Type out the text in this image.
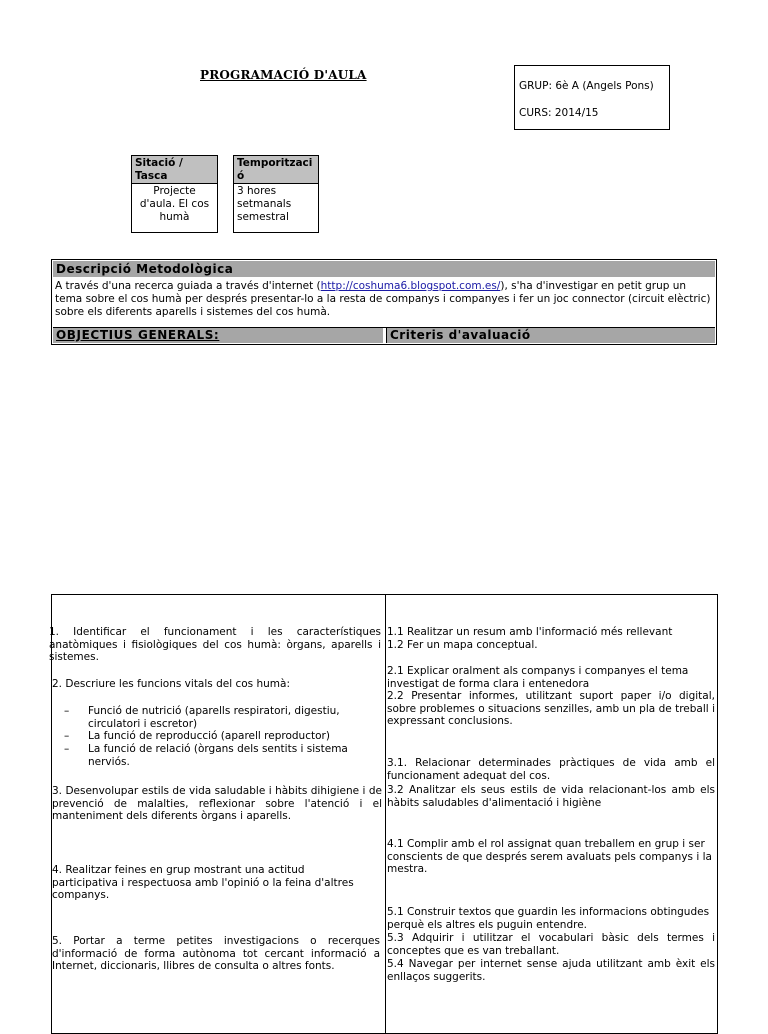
PROGRAMACIÓ D'AULA
GRUP: 6è A (Angels Pons)
CURS: 2014/15
Sitació / Tasca
Projecte d'aula. El cos humà
Temporització
3 hores setmanals semestral
Descripció Metodològica
A través d'una recerca guiada a través d'internet (http://coshuma6.blogspot.com.es/), s'ha d'investigar en petit grup un tema sobre el cos humà per després presentar-lo a la resta de companys i companyes i fer un joc connector (circuit elèctric) sobre els diferents aparells i sistemes del cos humà.
OBJECTIUS GENERALS:	Criteris d'avaluació
1. Identificar el funcionament i les característiques anatòmiques i fisiològiques del cos humà: òrgans, aparells i sistemes.
2. Descriure les funcions vitals del cos humà:
– Funció de nutrició (aparells respiratori, digestiu, circulatori i escretor)
– La funció de reproducció (aparell reproductor)
– La funció de relació (òrgans dels sentits i sistema nerviós.
3. Desenvolupar estils de vida saludable i hàbits dihigiene i de prevenció de malalties, reflexionar sobre l'atenció i el manteniment dels diferents òrgans i aparells.
4. Realitzar feines en grup mostrant una actitud participativa i respectuosa amb l'opinió o la feina d'altres companys.
5. Portar a terme petites investigacions o recerques d'informació de forma autònoma tot cercant informació a Internet, diccionaris, llibres de consulta o altres fonts.
1.1 Realitzar un resum amb l'informació més rellevant
1.2 Fer un mapa conceptual.
2.1 Explicar oralment als companys i companyes el tema investigat de forma clara i entenedora
2.2 Presentar informes, utilitzant suport paper i/o digital, sobre problemes o situacions senzilles, amb un pla de treball i expressant conclusions.
3.1. Relacionar determinades pràctiques de vida amb el funcionament adequat del cos.
3.2 Analitzar els seus estils de vida relacionant-los amb els hàbits saludables d'alimentació i higiène
4.1 Complir amb el rol assignat quan treballem en grup i ser conscients de que després serem avaluats pels companys i la mestra.
5.1 Construir textos que guardin les informacions obtingudes perquè els altres els puguin entendre.
5.3 Adquirir i utilitzar el vocabulari bàsic dels termes i conceptes que es van treballant.
5.4 Navegar per internet sense ajuda utilitzant amb èxit els enllaços suggerits.
